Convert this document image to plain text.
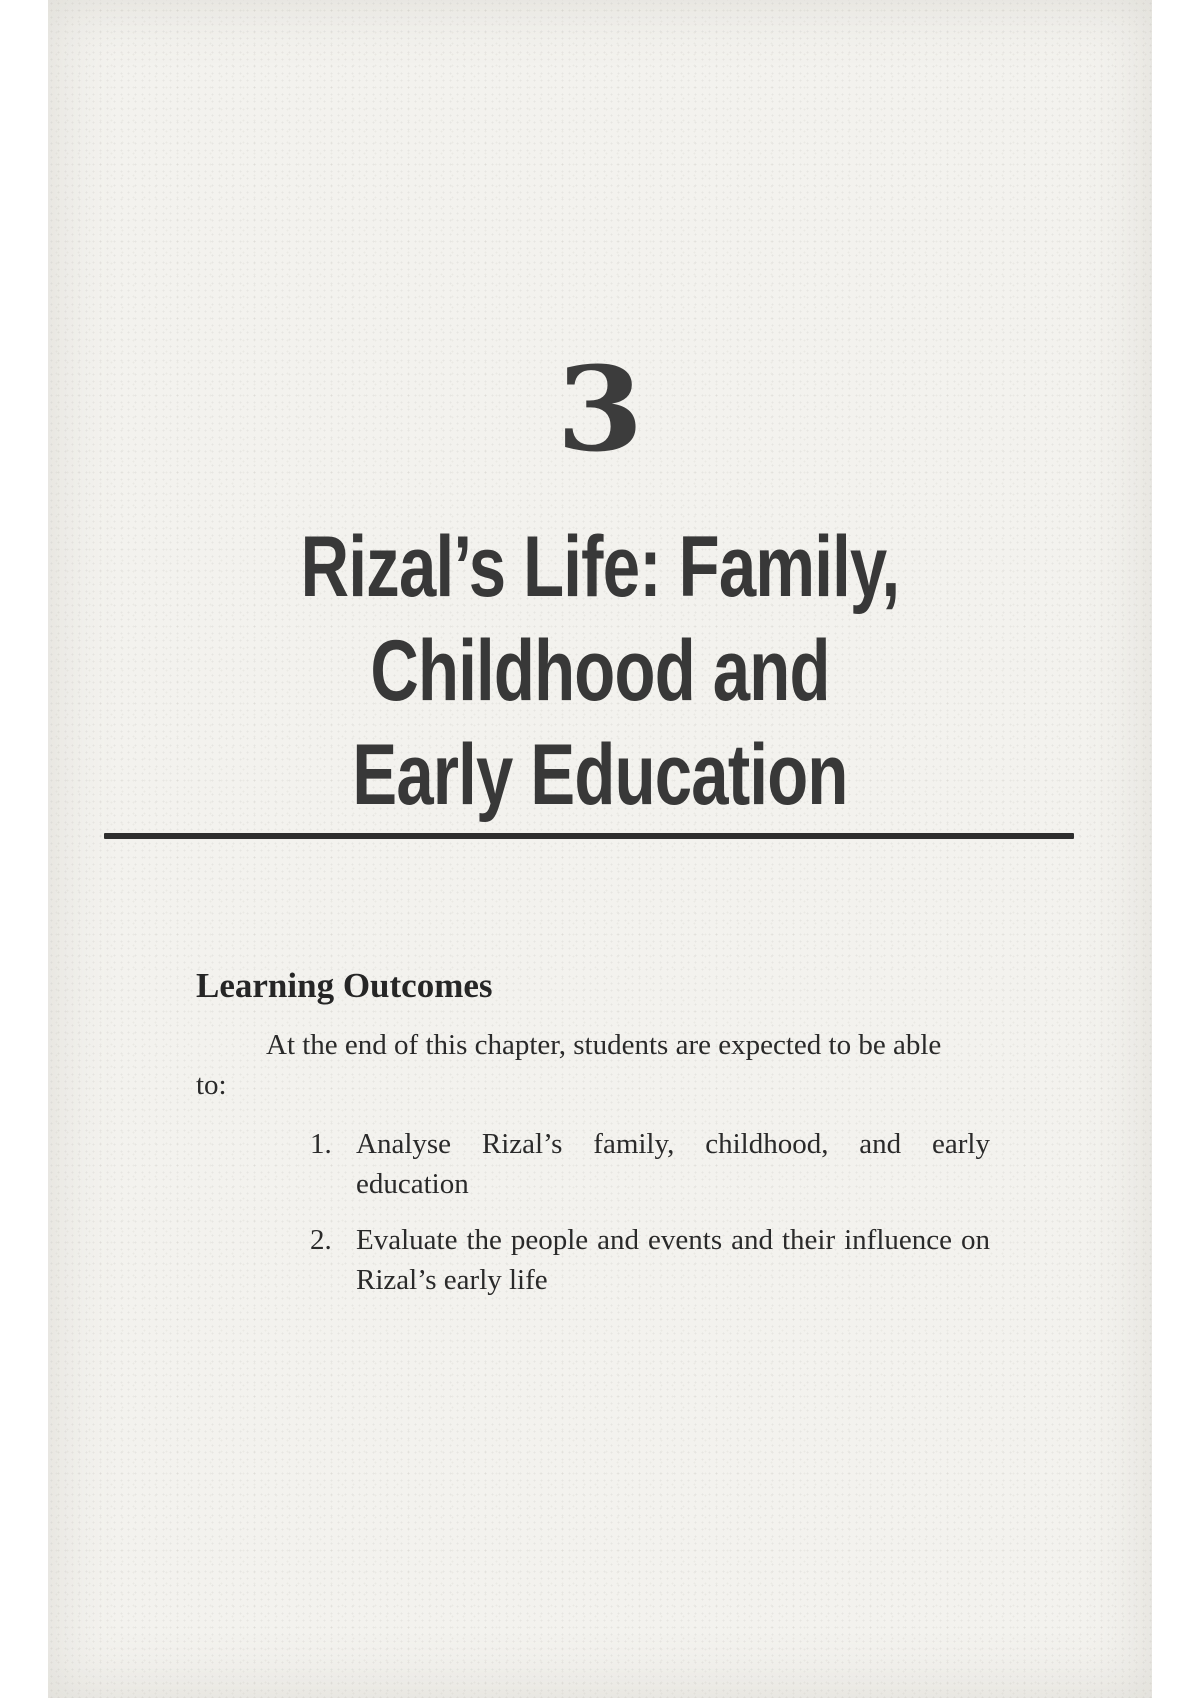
3
Rizal’s Life: Family,
Childhood and
Early Education
Learning Outcomes

At the end of this chapter, students are expected to be able to:

1. Analyse Rizal’s family, childhood, and early education
2. Evaluate the people and events and their influence on Rizal’s early life
